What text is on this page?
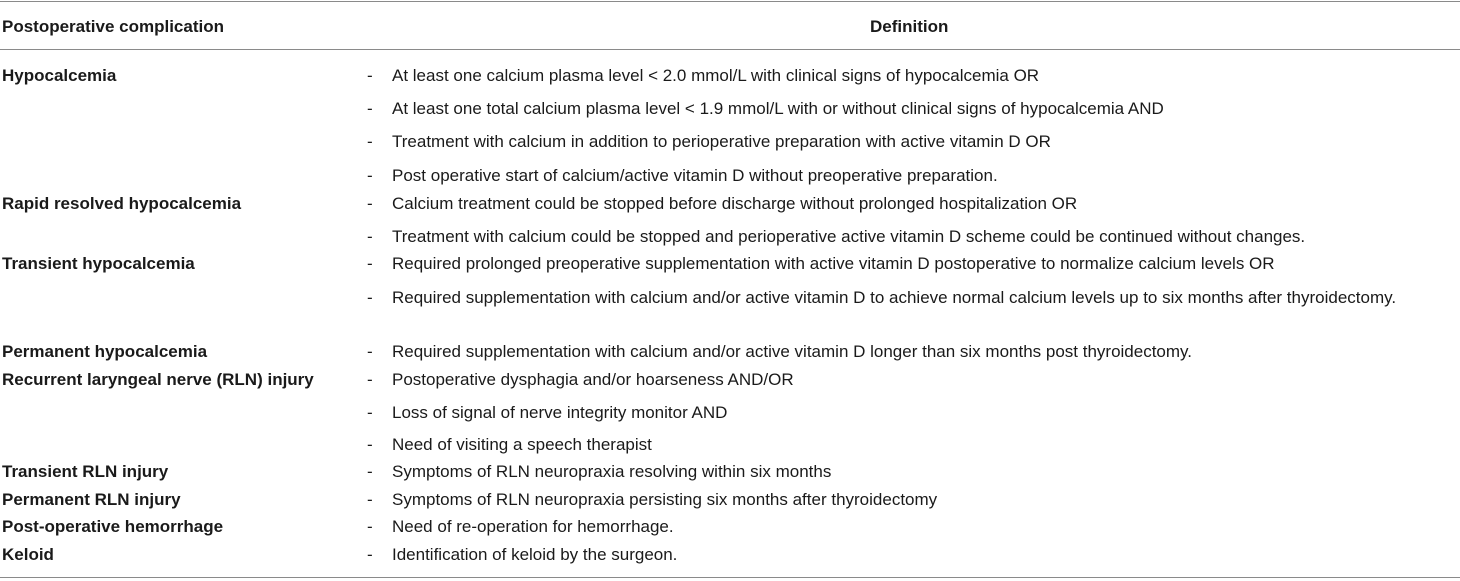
Postoperative complication	Definition
Hypocalcemia	- At least one calcium plasma level < 2.0 mmol/L with clinical signs of hypocalcemia OR
- At least one total calcium plasma level < 1.9 mmol/L with or without clinical signs of hypocalcemia AND
- Treatment with calcium in addition to perioperative preparation with active vitamin D OR
- Post operative start of calcium/active vitamin D without preoperative preparation.
Rapid resolved hypocalcemia	- Calcium treatment could be stopped before discharge without prolonged hospitalization OR
- Treatment with calcium could be stopped and perioperative active vitamin D scheme could be continued without changes.
Transient hypocalcemia	- Required prolonged preoperative supplementation with active vitamin D postoperative to normalize calcium levels OR
- Required supplementation with calcium and/or active vitamin D to achieve normal calcium levels up to six months after thyroidectomy.
Permanent hypocalcemia	- Required supplementation with calcium and/or active vitamin D longer than six months post thyroidectomy.
Recurrent laryngeal nerve (RLN) injury	- Postoperative dysphagia and/or hoarseness AND/OR
- Loss of signal of nerve integrity monitor AND
- Need of visiting a speech therapist
Transient RLN injury	- Symptoms of RLN neuropraxia resolving within six months
Permanent RLN injury	- Symptoms of RLN neuropraxia persisting six months after thyroidectomy
Post-operative hemorrhage	- Need of re-operation for hemorrhage.
Keloid	- Identification of keloid by the surgeon.
